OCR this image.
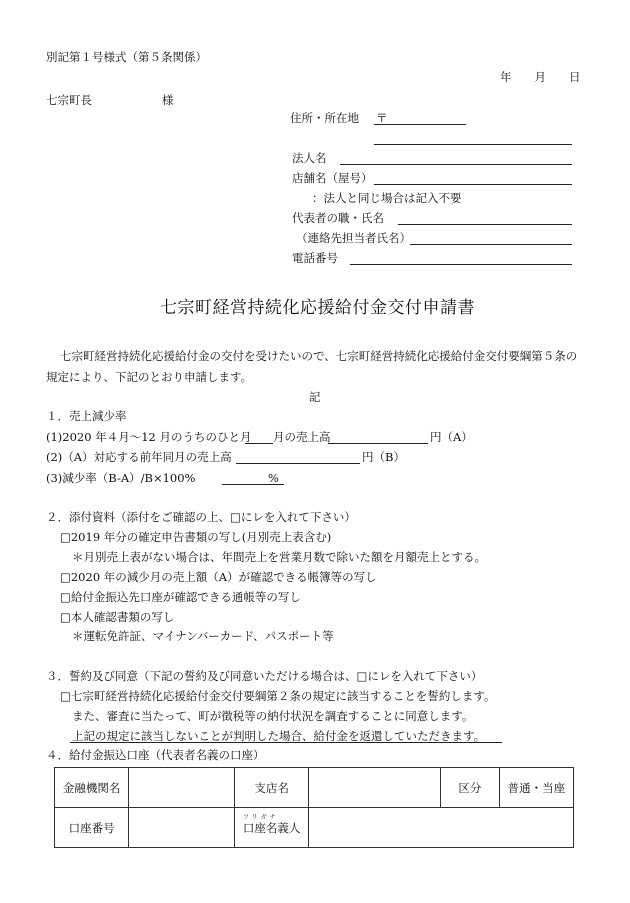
別記第１号様式（第５条関係）
年　　月　　日
七宗町長	様
住所・所在地 〒
法人名
店舗名（屋号）
：法人と同じ場合は記入不要
代表者の職・氏名
（連絡先担当者氏名）
電話番号
七宗町経営持続化応援給付金交付申請書
七宗町経営持続化応援給付金の交付を受けたいので、七宗町経営持続化応援給付金交付要綱第５条の
規定により、下記のとおり申請します。
記
１．売上減少率
(1)2020 年４月～12 月のうちのひと月 月の売上高	円（A）
(2)（A）対応する前年同月の売上高	円（B）
(3)減少率（B-A）/B×100%	%
２．添付資料（添付をご確認の上、□にレを入れて下さい）
□2019 年分の確定申告書類の写し(月別売上表含む)
＊月別売上表がない場合は、年間売上を営業月数で除いた額を月額売上とする。
□2020 年の減少月の売上額（A）が確認できる帳簿等の写し
□給付金振込先口座が確認できる通帳等の写し
□本人確認書類の写し
＊運転免許証、マイナンバーカード、パスポート等
３．誓約及び同意（下記の誓約及び同意いただける場合は、□にレを入れて下さい）
□七宗町経営持続化応援給付金交付要綱第２条の規定に該当することを誓約します。
また、審査に当たって、町が徴税等の納付状況を調査することに同意します。
上記の規定に該当しないことが判明した場合、給付金を返還していただきます。
４．給付金振込口座（代表者名義の口座）
金融機関名		支店名		区分	普通・当座
口座番号		フリガナ
口座名義人			
